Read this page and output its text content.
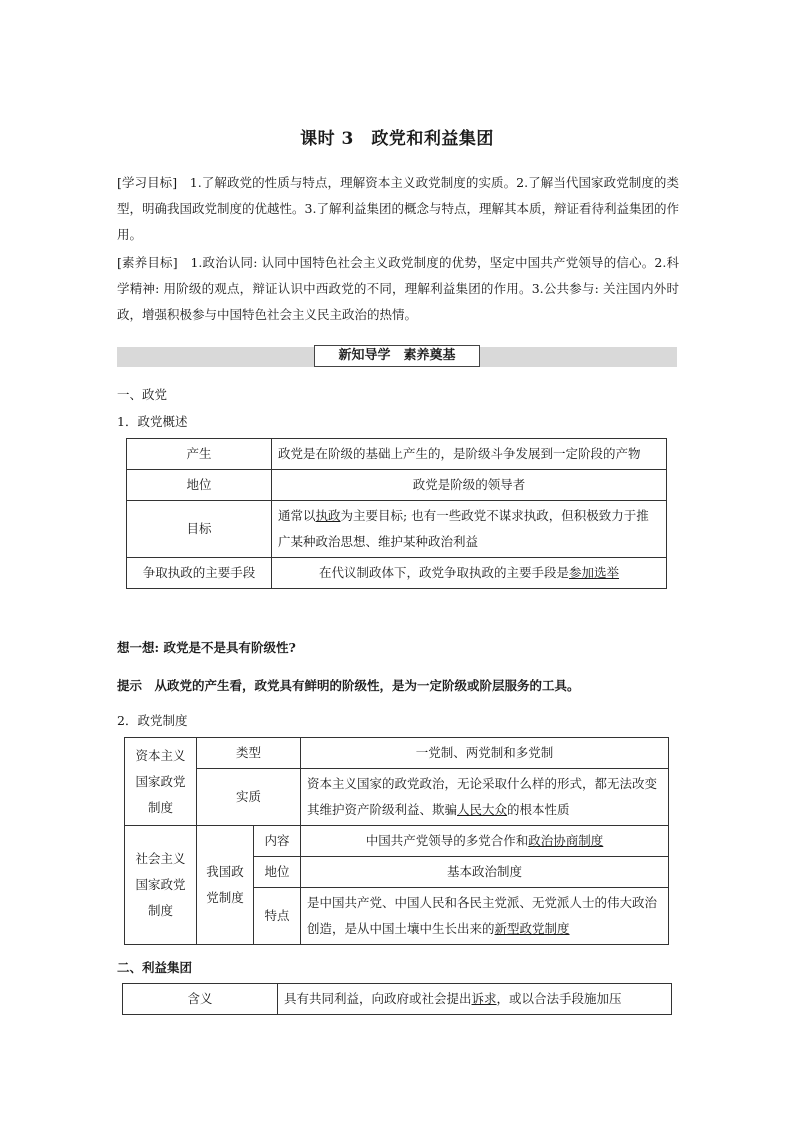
课时 3　政党和利益集团
[学习目标]　1.了解政党的性质与特点，理解资本主义政党制度的实质。2.了解当代国家政党制度的类型，明确我国政党制度的优越性。3.了解利益集团的概念与特点，理解其本质，辩证看待利益集团的作用。
[素养目标]　1.政治认同: 认同中国特色社会主义政党制度的优势，坚定中国共产党领导的信心。2.科学精神: 用阶级的观点，辩证认识中西政党的不同，理解利益集团的作用。3.公共参与: 关注国内外时政，增强积极参与中国特色社会主义民主政治的热情。
新知导学　素养奠基
一、政党
1．政党概述
产生	政党是在阶级的基础上产生的，是阶级斗争发展到一定阶段的产物
地位	政党是阶级的领导者
目标	通常以执政为主要目标; 也有一些政党不谋求执政，但积极致力于推广某种政治思想、维护某种政治利益
争取执政的主要手段	在代议制政体下，政党争取执政的主要手段是参加选举
想一想: 政党是不是具有阶级性?
提示　从政党的产生看，政党具有鲜明的阶级性，是为一定阶级或阶层服务的工具。
2．政党制度
资本主义国家政党制度	类型		一党制、两党制和多党制
	实质		资本主义国家的政党政治，无论采取什么样的形式，都无法改变其维护资产阶级利益、欺骗人民大众的根本性质
社会主义国家政党制度	我国政党制度	内容	中国共产党领导的多党合作和政治协商制度
		地位	基本政治制度
		特点	是中国共产党、中国人民和各民主党派、无党派人士的伟大政治创造，是从中国土壤中生长出来的新型政党制度
二、利益集团
含义	具有共同利益，向政府或社会提出诉求，或以合法手段施加压
